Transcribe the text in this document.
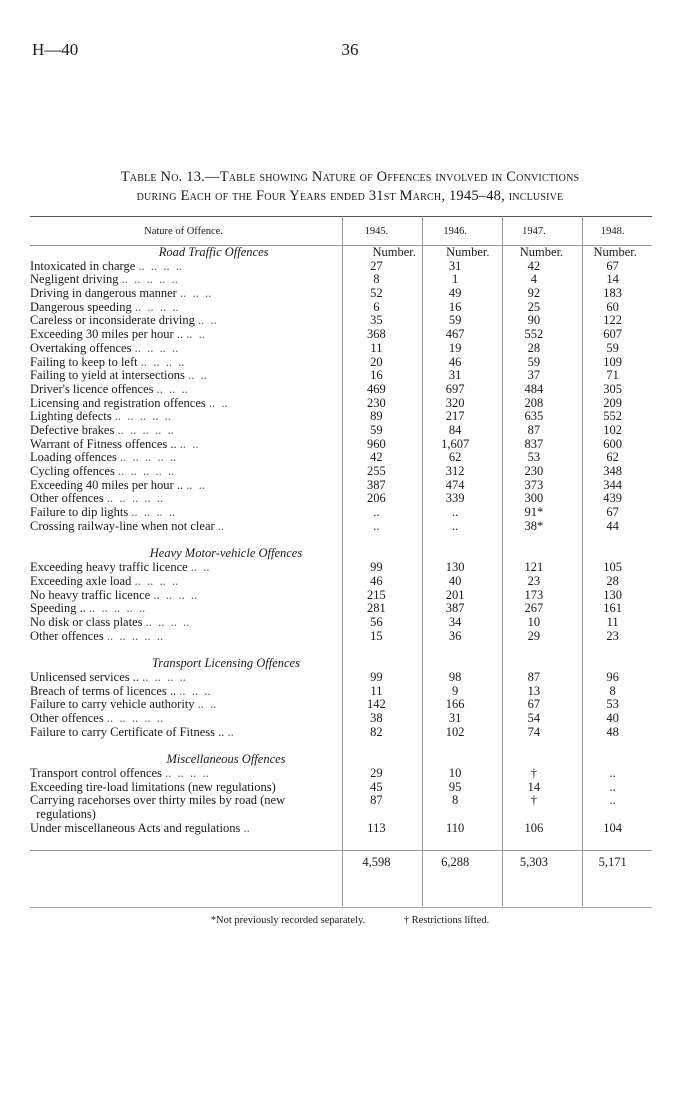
H—40	36
Table No. 13.—Table showing Nature of Offences involved in Convictions
during Each of the Four Years ended 31st March, 1945–48, inclusive
Nature of Offence.	1945.	1946.	1947.	1948.
Road Traffic Offences	Number.	Number.	Number.	Number.
Intoxicated in charge ..  ..  ..  ..	27	31	42	67
Negligent driving ..  ..  ..  ..  ..	8	1	4	14
Driving in dangerous manner ..  ..  ..	52	49	92	183
Dangerous speeding ..  ..  ..  ..	6	16	25	60
Careless or inconsiderate driving ..  ..	35	59	90	122
Exceeding 30 miles per hour .. ..  ..	368	467	552	607
Overtaking offences ..  ..  ..  ..	11	19	28	59
Failing to keep to left ..  ..  ..  ..	20	46	59	109
Failing to yield at intersections ..  ..	16	31	37	71
Driver's licence offences ..  ..  ..	469	697	484	305
Licensing and registration offences ..  ..	230	320	208	209
Lighting defects ..  ..  ..  ..  ..	89	217	635	552
Defective brakes ..  ..  ..  ..  ..	59	84	87	102
Warrant of Fitness offences .. ..  ..	960	1,607	837	600
Loading offences ..  ..  ..  ..  ..	42	62	53	62
Cycling offences ..  ..  ..  ..  ..	255	312	230	348
Exceeding 40 miles per hour .. ..  ..	387	474	373	344
Other offences ..  ..  ..  ..  ..	206	339	300	439
Failure to dip lights ..  ..  ..  ..	..	..	91*	67
Crossing railway-line when not clear ..	..	..	38*	44
Heavy Motor-vehicle Offences
Exceeding heavy traffic licence ..  ..	99	130	121	105
Exceeding axle load ..  ..  ..  ..	46	40	23	28
No heavy traffic licence ..  ..  ..  ..	215	201	173	130
Speeding .. ..  ..  ..  ..  ..	281	387	267	161
No disk or class plates ..  ..  ..  ..	56	34	10	11
Other offences ..  ..  ..  ..  ..	15	36	29	23
Transport Licensing Offences
Unlicensed services .. ..  ..  ..  ..	99	98	87	96
Breach of terms of licences .. ..  ..  ..	11	9	13	8
Failure to carry vehicle authority ..  ..	142	166	67	53
Other offences ..  ..  ..  ..  ..	38	31	54	40
Failure to carry Certificate of Fitness .. ..	82	102	74	48
Miscellaneous Offences
Transport control offences ..  ..  ..  ..	29	10	†	..
Exceeding tire-load limitations (new regulations)	45	95	14	..
Carrying racehorses over thirty miles by road (new	87	8	†	..
regulations)
Under miscellaneous Acts and regulations ..	113	110	106	104
4,598	6,288	5,303	5,171
*Not previously recorded separately.	† Restrictions lifted.
